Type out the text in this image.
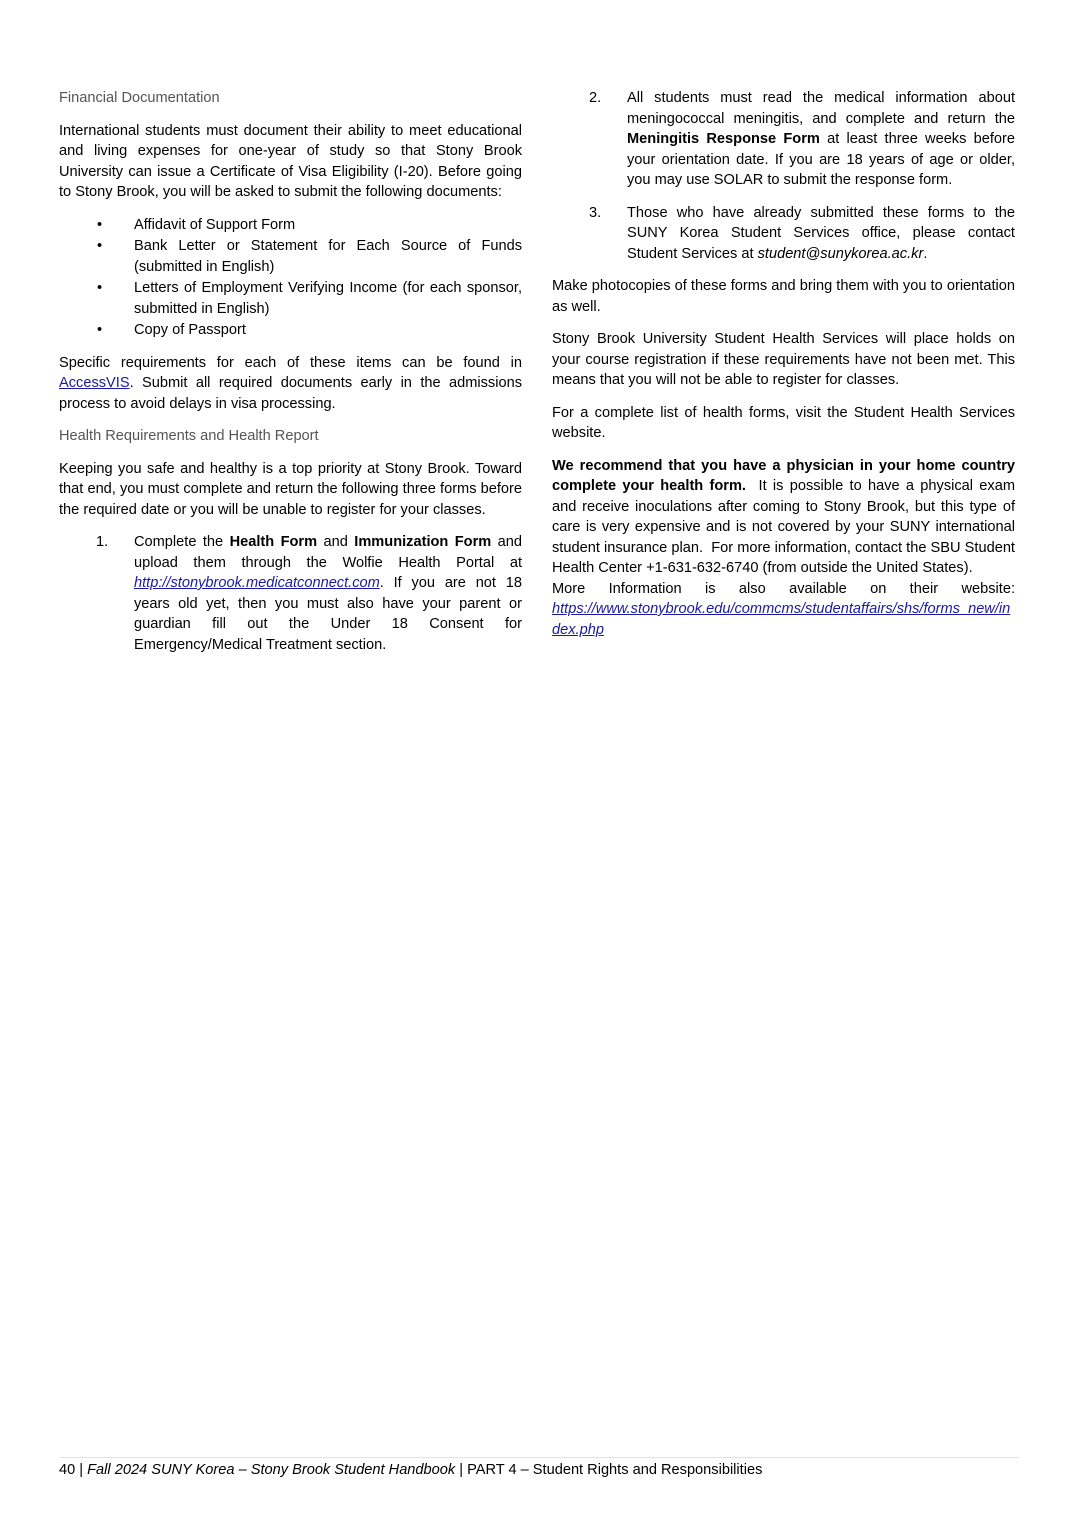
Financial Documentation

International students must document their ability to meet educational and living expenses for one-year of study so that Stony Brook University can issue a Certificate of Visa Eligibility (I-20). Before going to Stony Brook, you will be asked to submit the following documents:

• Affidavit of Support Form
• Bank Letter or Statement for Each Source of Funds (submitted in English)
• Letters of Employment Verifying Income (for each sponsor, submitted in English)
• Copy of Passport

Specific requirements for each of these items can be found in AccessVIS. Submit all required documents early in the admissions process to avoid delays in visa processing.

Health Requirements and Health Report

Keeping you safe and healthy is a top priority at Stony Brook. Toward that end, you must complete and return the following three forms before the required date or you will be unable to register for your classes.

1. Complete the Health Form and Immunization Form and upload them through the Wolfie Health Portal at http://stonybrook.medicatconnect.com. If you are not 18 years old yet, then you must also have your parent or guardian fill out the Under 18 Consent for Emergency/Medical Treatment section.
2. All students must read the medical information about meningococcal meningitis, and complete and return the Meningitis Response Form at least three weeks before your orientation date. If you are 18 years of age or older, you may use SOLAR to submit the response form.
3. Those who have already submitted these forms to the SUNY Korea Student Services office, please contact Student Services at student@sunykorea.ac.kr.

Make photocopies of these forms and bring them with you to orientation as well.

Stony Brook University Student Health Services will place holds on your course registration if these requirements have not been met. This means that you will not be able to register for classes.

For a complete list of health forms, visit the Student Health Services website.

We recommend that you have a physician in your home country complete your health form.  It is possible to have a physical exam and receive inoculations after coming to Stony Brook, but this type of care is very expensive and is not covered by your SUNY international student insurance plan.  For more information, contact the SBU Student Health Center +1-631-632-6740 (from outside the United States).

More Information is also available on their website:

https://www.stonybrook.edu/commcms/studentaffairs/shs/forms_new/index.php

40 | Fall 2024 SUNY Korea – Stony Brook Student Handbook | PART 4 – Student Rights and Responsibilities
